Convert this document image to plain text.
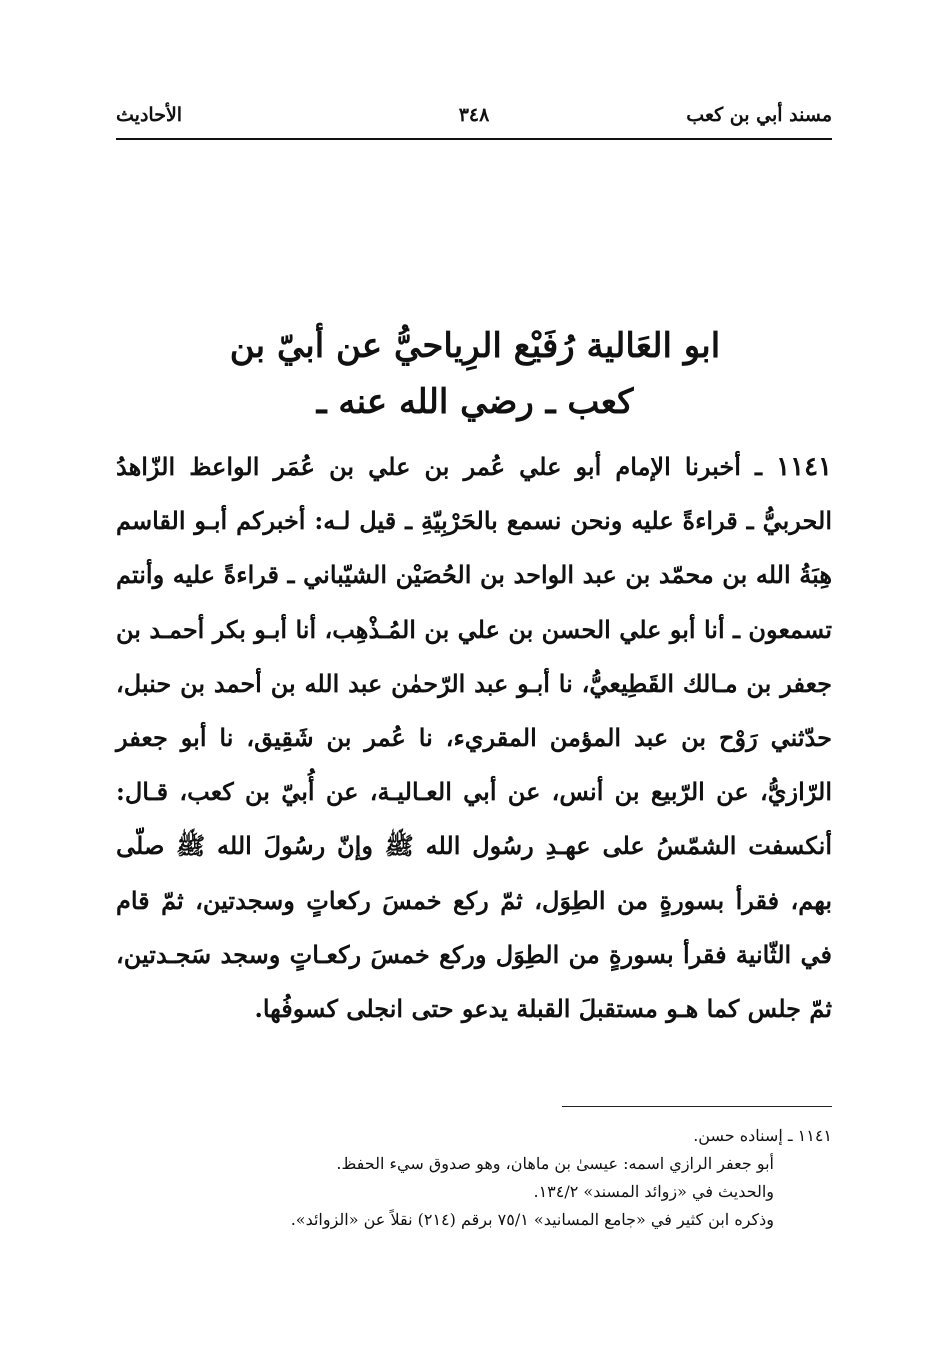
مسند أبي بن كعب
٣٤٨
الأحاديث
ابو العَالية رُفَيْع الرِياحيُّ عن أبيّ بن
كعب ـ رضي الله عنه ـ
١١٤١ ـ أخبرنا الإمام أبو علي عُمر بن علي بن عُمَر الواعظ الزّاهدُ الحربيُّ ـ قراءةً عليه ونحن نسمع بالحَرْبِيّةِ ـ قيل لـه: أخبركم أبـو القاسم هِبَةُ الله بن محمّد بن عبد الواحد بن الحُصَيْن الشيّباني ـ قراءةً عليه وأنتم تسمعون ـ أنا أبو علي الحسن بن علي بن المُـذْهِب، أنا أبـو بكر أحمـد بن جعفر بن مـالك القَطِيعيُّ، نا أبـو عبد الرّحمٰن عبد الله بن أحمد بن حنبل، حدّثني رَوْح بن عبد المؤمن المقريء، نا عُمر بن شَقِيق، نا أبو جعفر الرّازيُّ، عن الرّبيع بن أنس، عن أبي العـاليـة، عن أُبيّ بن كعب، قـال: أنكسفت الشمّسُ على عهـدِ رسُول الله ﷺ وإنّ رسُولَ الله ﷺ صلّى بهم، فقرأ بسورةٍ من الطِوَل، ثمّ ركع خمسَ ركعاتٍ وسجدتين، ثمّ قام في الثّانية فقرأ بسورةٍ من الطِوَل وركع خمسَ ركعـاتٍ وسجد سَجـدتين، ثمّ جلس كما هـو مستقبلَ القبلة يدعو حتى انجلى كسوفُها.
١١٤١ ـ إسناده حسن.
أبو جعفر الرازي اسمه: عيسىٰ بن ماهان، وهو صدوق سيء الحفظ.
والحديث في «زوائد المسند» ١٣٤/٢.
وذكره ابن كثير في «جامع المسانيد» ٧٥/١ برقم (٢١٤) نقلاً عن «الزوائد».
